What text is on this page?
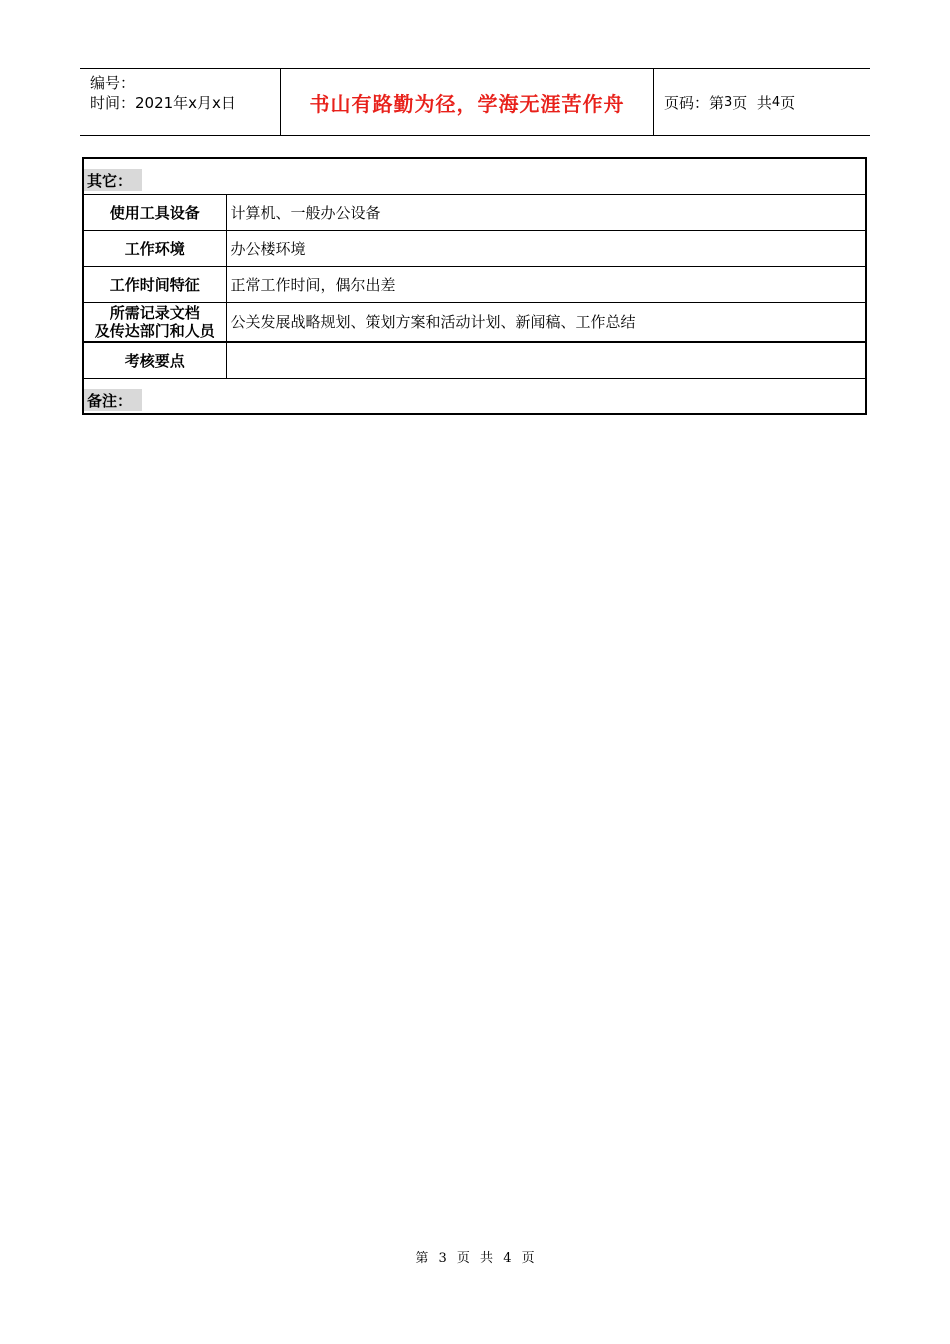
编号：
时间：2021年x月x日	书山有路勤为径，学海无涯苦作舟	页码：第 3 页  共 4 页
其它：	
使用工具设备	计算机、一般办公设备
工作环境	办公楼环境
工作时间特征	正常工作时间，偶尔出差

所需记录文档
及传达部门和人员	公关发展战略规划、策划方案和活动计划、新闻稿、工作总结
考核要点	
备注：	
第 3 页 共 4 页
